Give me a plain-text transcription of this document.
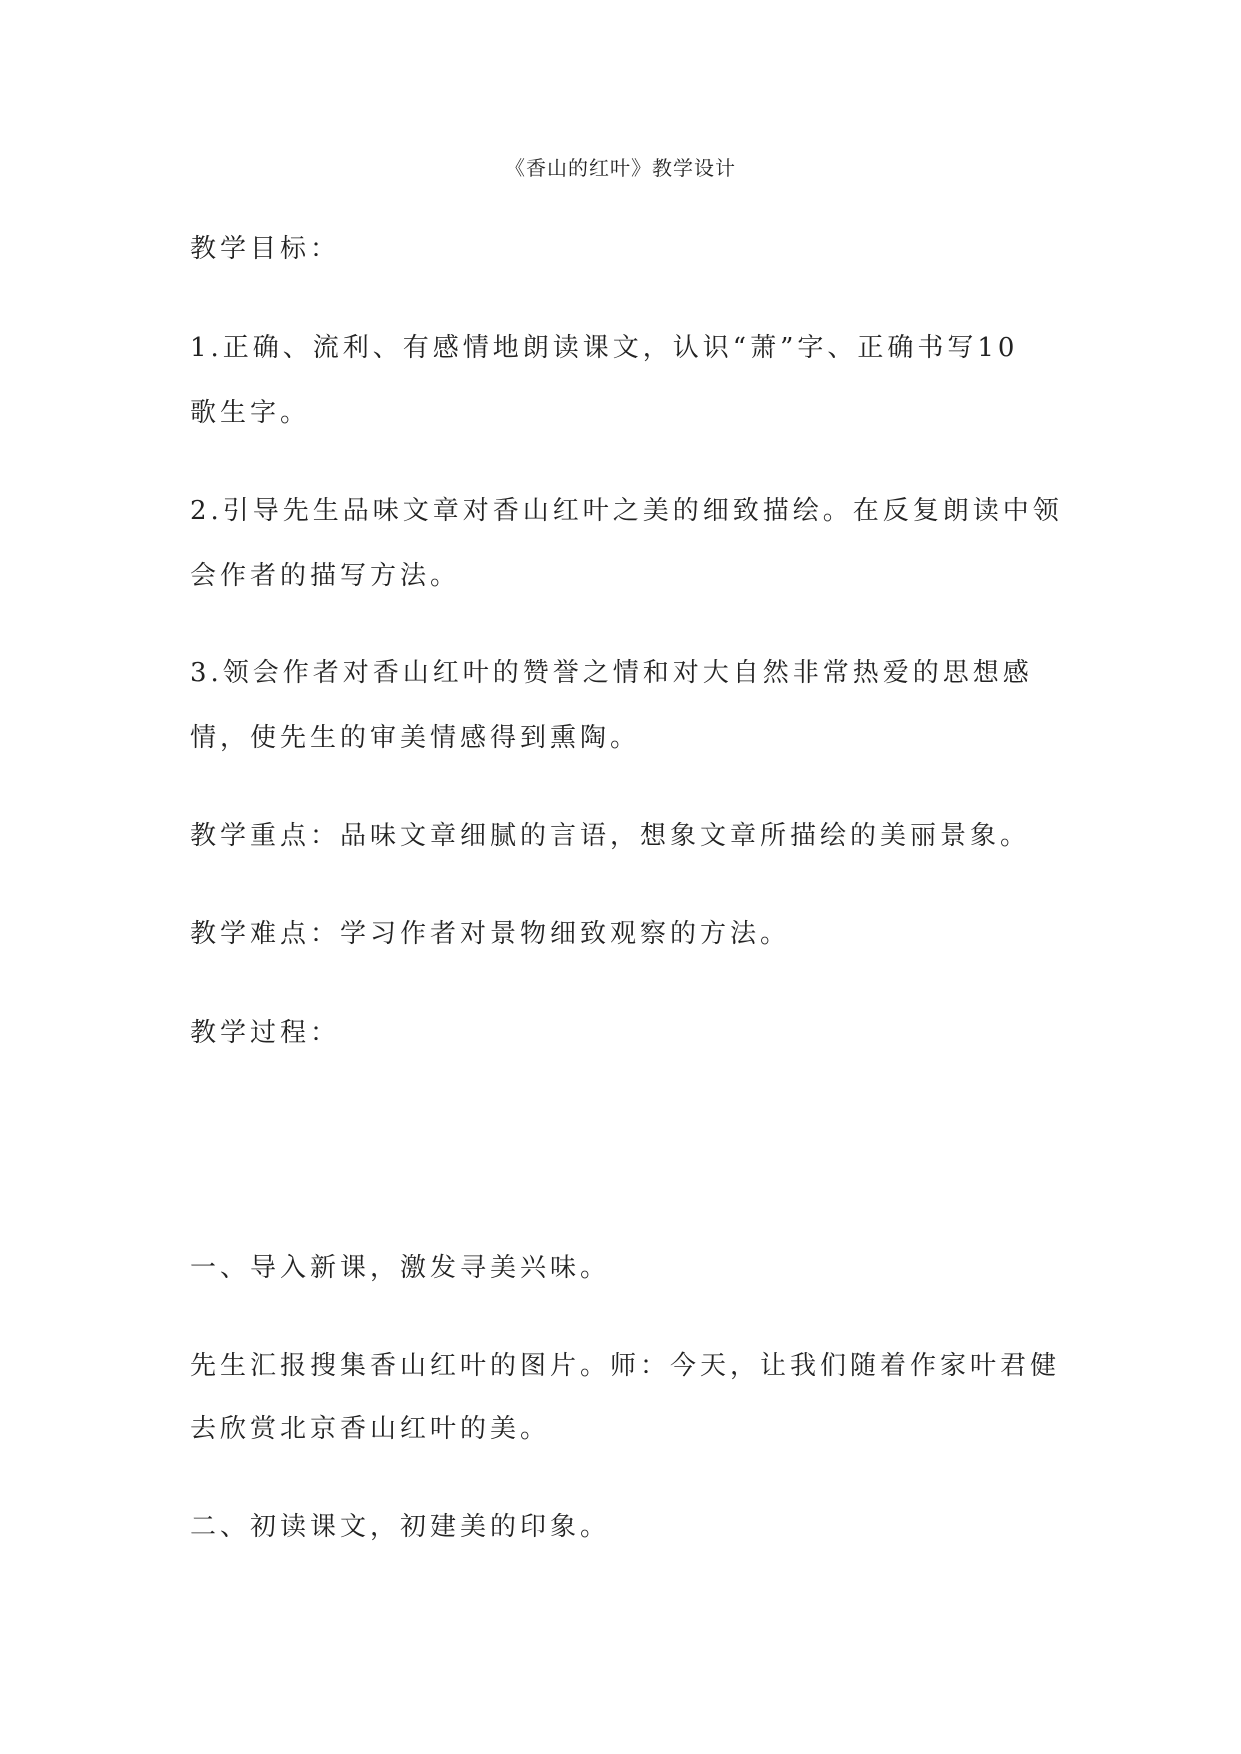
《香山的红叶》教学设计
教学目标：
1.正确、流利、有感情地朗读课文，认识“萧”字、正确书写10
歌生字。
2.引导先生品味文章对香山红叶之美的细致描绘。在反复朗读中领
会作者的描写方法。
3.领会作者对香山红叶的赞誉之情和对大自然非常热爱的思想感
情，使先生的审美情感得到熏陶。
教学重点：品味文章细腻的言语，想象文章所描绘的美丽景象。
教学难点：学习作者对景物细致观察的方法。
教学过程：
一、导入新课，激发寻美兴味。
先生汇报搜集香山红叶的图片。师：今天，让我们随着作家叶君健
去欣赏北京香山红叶的美。
二、初读课文，初建美的印象。
